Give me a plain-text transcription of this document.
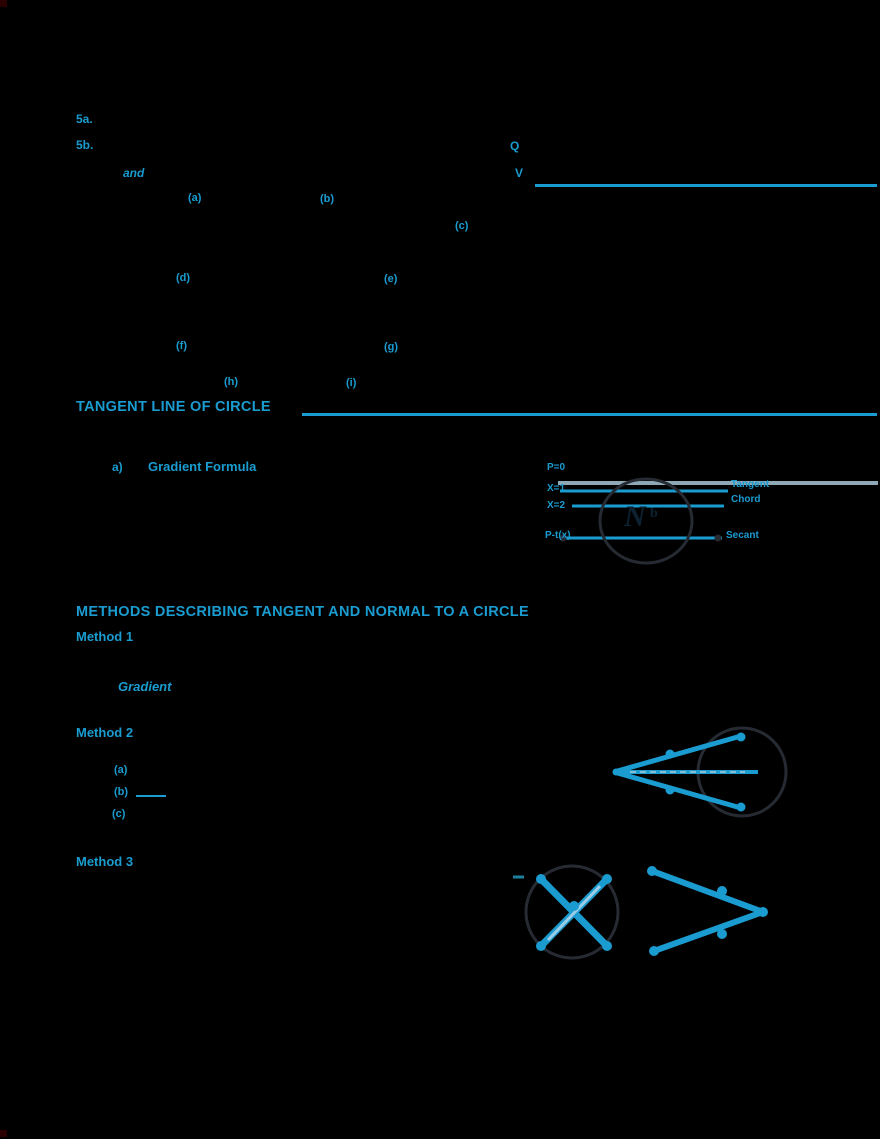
5a.
5b.
and
(a)	(b)
(c)
(d)	(e)
(f)	(g)
(h)	(i)
Q
V
TANGENT LINE OF CIRCLE
a) Gradient Formula
N b
P=0
X=1
X=2
P-t(x)
Tangent
Chord
Secant
METHODS DESCRIBING TANGENT AND NORMAL TO A CIRCLE
Method 1
Gradient
Method 2
(a)
(b)
(c)
Method 3
